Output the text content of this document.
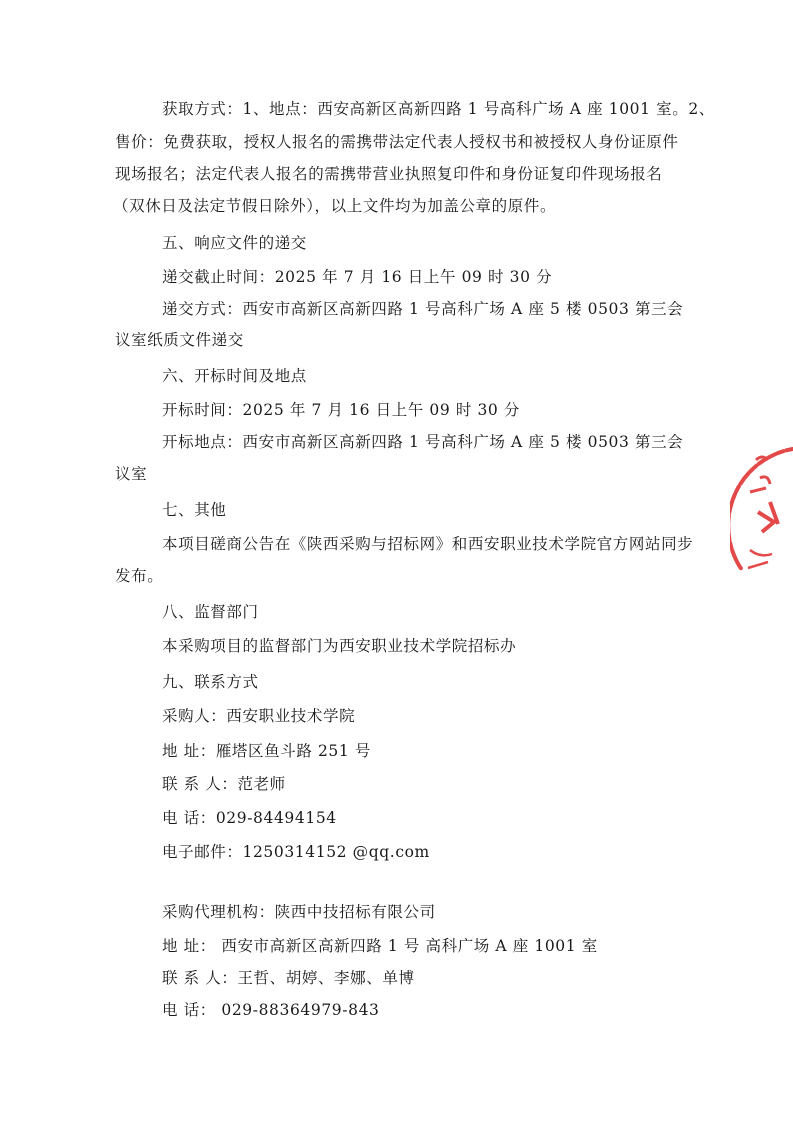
获取方式：1、地点：西安高新区高新四路 1 号高科广场 A 座 1001 室。2、
售价：免费获取，授权人报名的需携带法定代表人授权书和被授权人身份证原件
现场报名；法定代表人报名的需携带营业执照复印件和身份证复印件现场报名
（双休日及法定节假日除外），以上文件均为加盖公章的原件。
五、响应文件的递交
递交截止时间：2025 年 7 月 16 日上午 09 时 30 分
递交方式：西安市高新区高新四路 1 号高科广场 A 座 5 楼 0503 第三会
议室纸质文件递交
六、开标时间及地点
开标时间：2025 年 7 月 16 日上午 09 时 30 分
开标地点：西安市高新区高新四路 1 号高科广场 A 座 5 楼 0503 第三会
议室
七、其他
本项目磋商公告在《陕西采购与招标网》和西安职业技术学院官方网站同步
发布。
八、监督部门
本采购项目的监督部门为西安职业技术学院招标办
九、联系方式
采购人：西安职业技术学院
地 址：雁塔区鱼斗路 251 号
联 系 人：范老师
电 话：029-84494154
电子邮件：1250314152 @qq.com
采购代理机构：陕西中技招标有限公司
地 址： 西安市高新区高新四路 1 号 高科广场 A 座 1001 室
联 系 人：王哲、胡婷、李娜、单博
电 话： 029-88364979-843
